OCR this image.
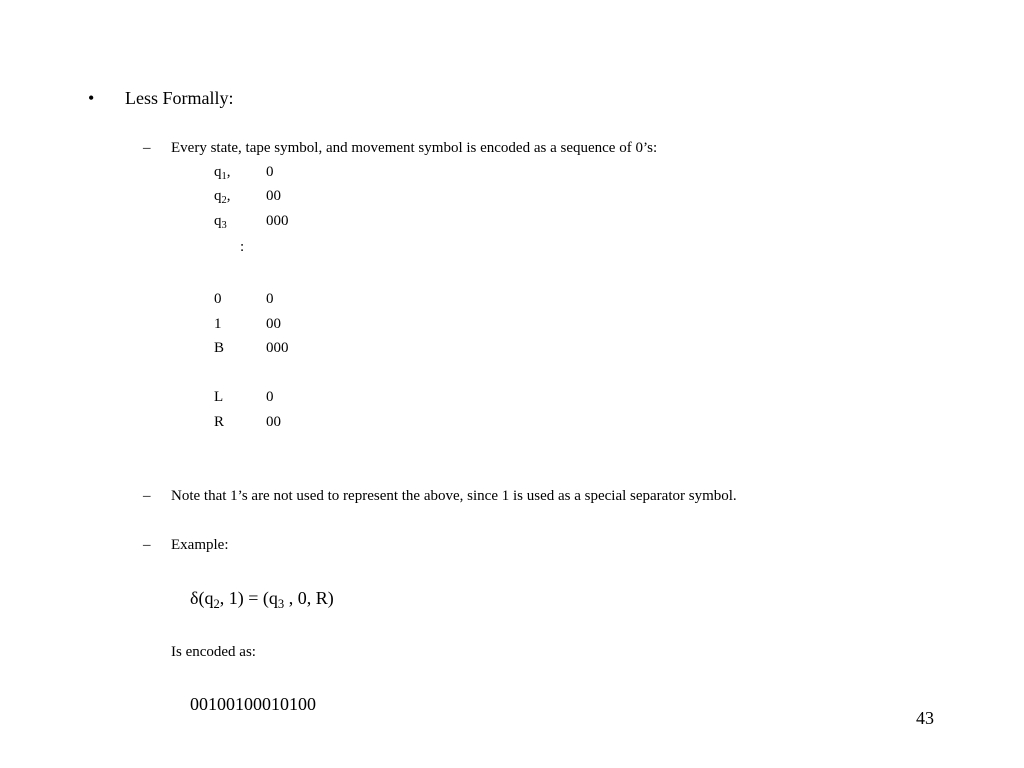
• Less Formally:
– Every state, tape symbol, and movement symbol is encoded as a sequence of 0’s:
$q_1$, 0
$q_2$, 00
$q_3$	000
:
0	0
1	00
B	000
L	0
R	00
– Note that 1’s are not used to represent the above, since 1 is used as a special separator symbol.
– Example:
$\delta(q_2$, $1) = (q_3$ , 0, R)
Is encoded as:
00100100010100
43
